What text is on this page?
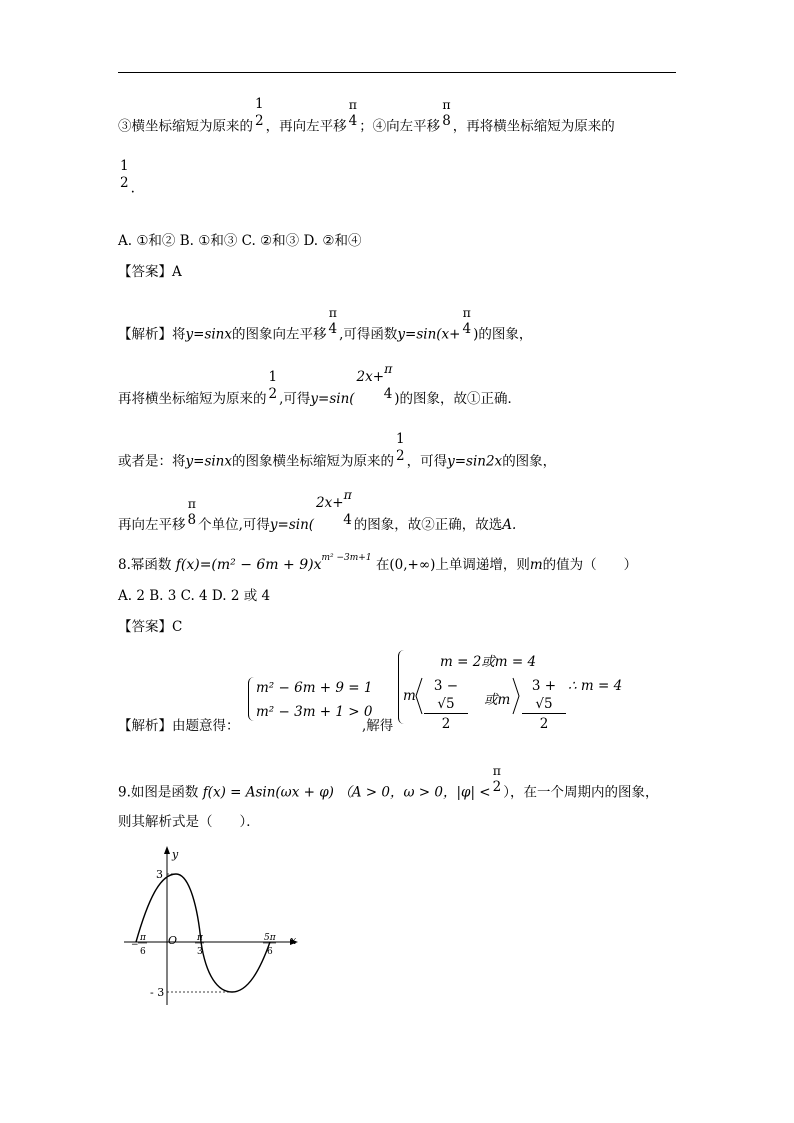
③横坐标缩短为原来的
1
2 ，再向左平移
π
4 ；④向左平移
π
8 ，再将横坐标缩短为原来的
1
2 .
A. ①和② B. ①和③ C. ②和③ D. ②和④
【答案】A
【解析】将y=sinx的图象向左平移
π
4 ,可得函数y=sin(x+
π
4 )的图象，
再将横坐标缩短为原来的
1
2 ,可得y=sin(
2x+π
4 )的图象，故①正确．
或者是：将y=sinx的图象横坐标缩短为原来的
1
2 ，可得y=sin2x的图象，
再向左平移
π
8 个单位,可得y=sin(
2x+π
4 的图象，故②正确，故选A.
8.幂函数 $f(x)=(m^2 - 6m + 9)x^{m^2 -3m+1}$ 在(0,+∞)上单调递增，则m的值为（　　）
A. 2 B. 3 C. 4 D. 2 或 4
【答案】C
【解析】由题意得：
m² − 6m + 9 = 1
m² − 3m + 1 > 0
,解得
m = 2或m = 4
m
3 − √5
2
或m
3 + √5
2
∴ m = 4
9.如图是函数 f(x) = Asin(ωx + φ) （A > 0，ω > 0，|φ| <
π
2 ），在一个周期内的图象，
则其解析式是（　　）．
y
x
O
3
- 3
−
π
6
π
3
5π
6
